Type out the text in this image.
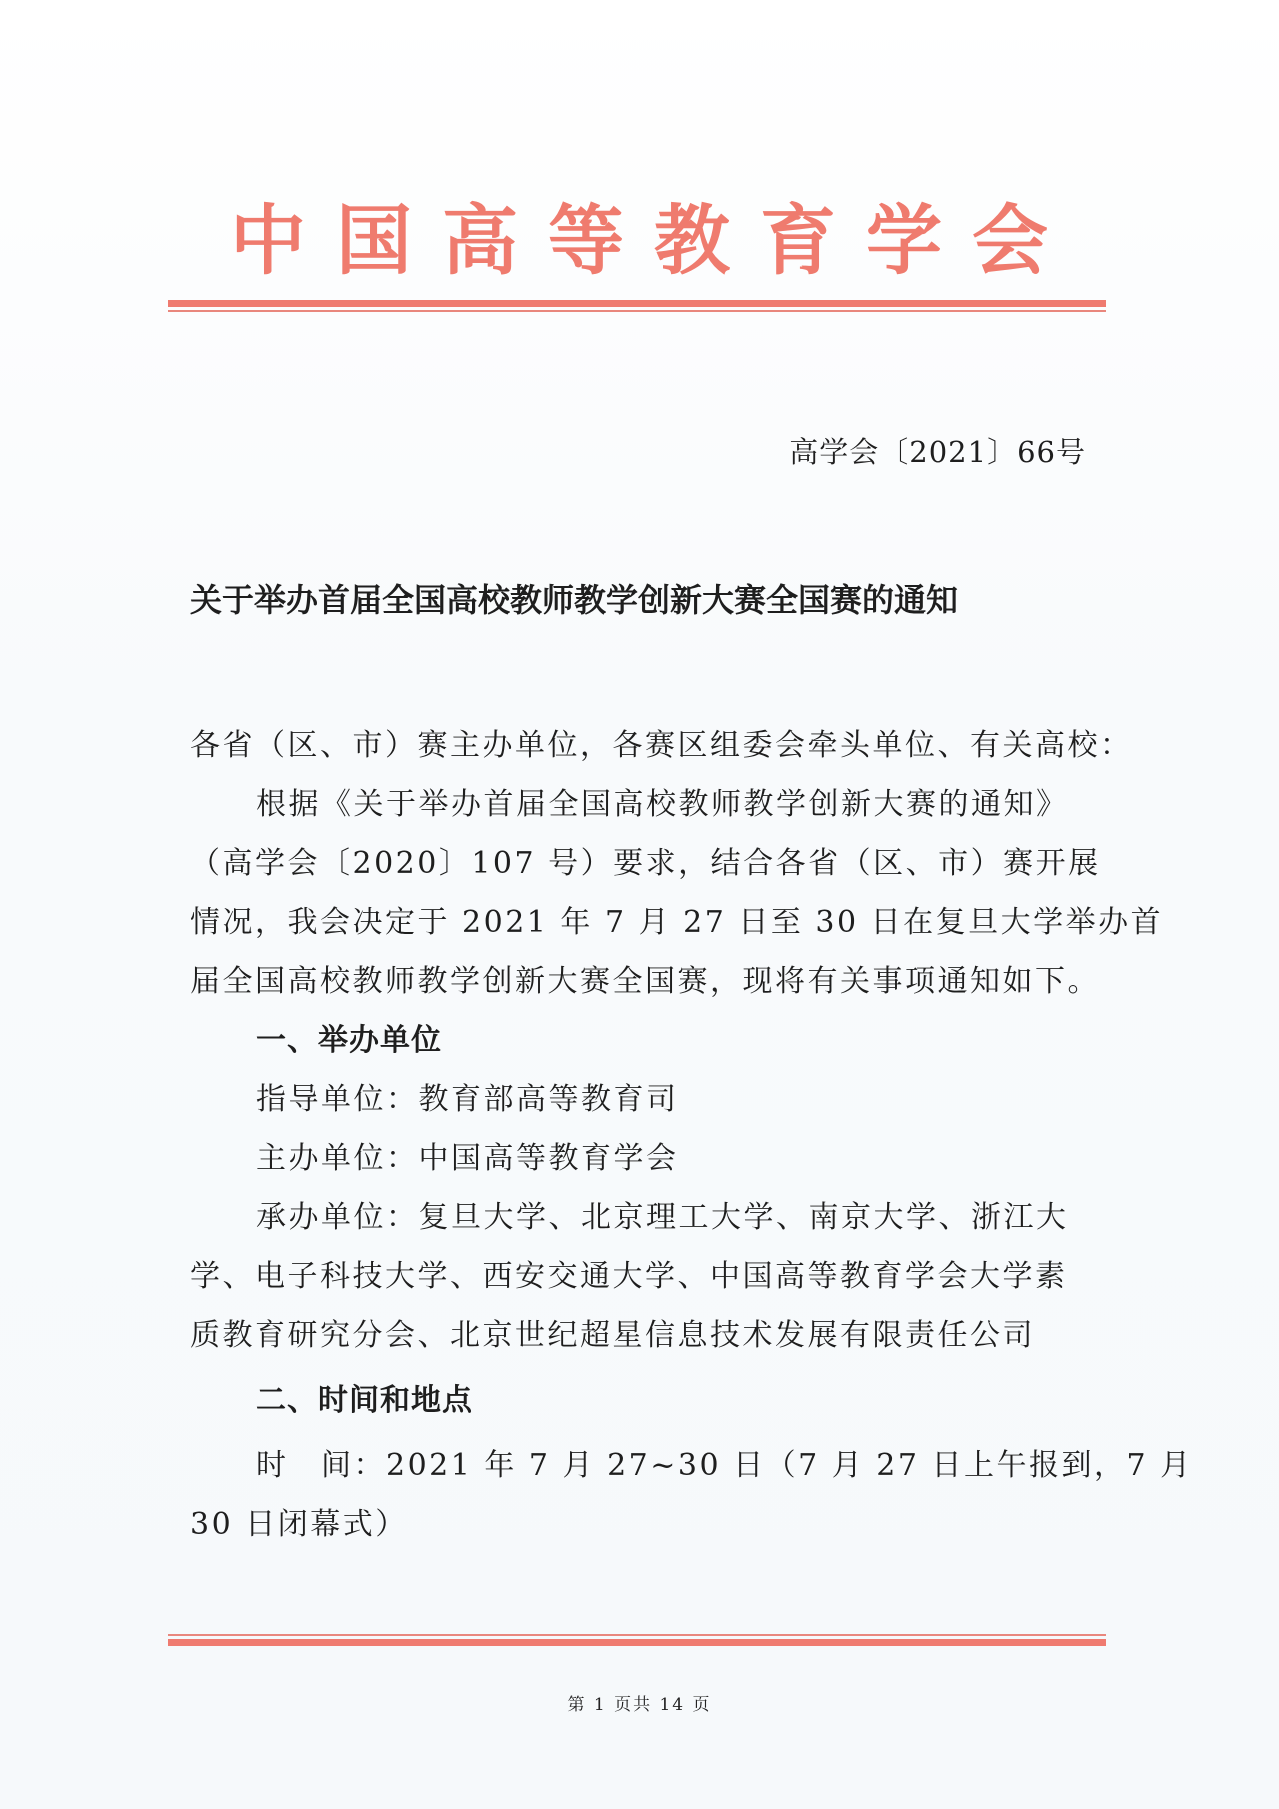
中 国 高 等 教 育 学 会
高学会〔2021〕66号
关于举办首届全国高校教师教学创新大赛全国赛的通知
各省（区、市）赛主办单位，各赛区组委会牵头单位、有关高校：
根据《关于举办首届全国高校教师教学创新大赛的通知》
（高学会〔2020〕107 号）要求，结合各省（区、市）赛开展
情况，我会决定于 2021 年 7 月 27 日至 30 日在复旦大学举办首
届全国高校教师教学创新大赛全国赛，现将有关事项通知如下。
一、举办单位
指导单位：教育部高等教育司
主办单位：中国高等教育学会
承办单位：复旦大学、北京理工大学、南京大学、浙江大
学、电子科技大学、西安交通大学、中国高等教育学会大学素
质教育研究分会、北京世纪超星信息技术发展有限责任公司
二、时间和地点
时　间：2021 年 7 月 27~30 日（7 月 27 日上午报到，7 月
30 日闭幕式）
第 1 页共 14 页
